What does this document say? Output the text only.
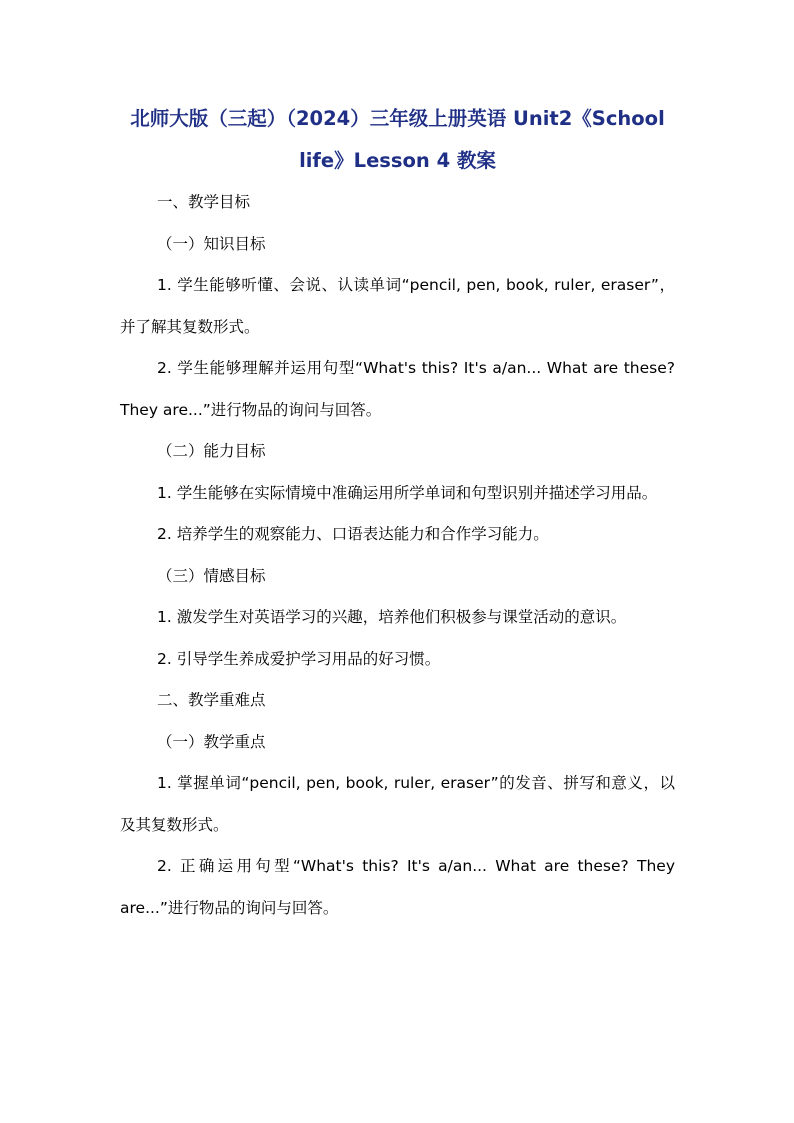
北师大版（三起）（2024）三年级上册英语 Unit2《School life》Lesson 4 教案

一、教学目标

（一）知识目标

1. 学生能够听懂、会说、认读单词“pencil, pen, book, ruler, eraser”，并了解其复数形式。

2. 学生能够理解并运用句型“What's this? It's a/an... What are these? They are...”进行物品的询问与回答。

（二）能力目标

1. 学生能够在实际情境中准确运用所学单词和句型识别并描述学习用品。

2. 培养学生的观察能力、口语表达能力和合作学习能力。

（三）情感目标

1. 激发学生对英语学习的兴趣，培养他们积极参与课堂活动的意识。

2. 引导学生养成爱护学习用品的好习惯。

二、教学重难点

（一）教学重点

1. 掌握单词“pencil, pen, book, ruler, eraser”的发音、拼写和意义，以及其复数形式。

2. 正确运用句型“What's this? It's a/an... What are these? They are...”进行物品的询问与回答。
